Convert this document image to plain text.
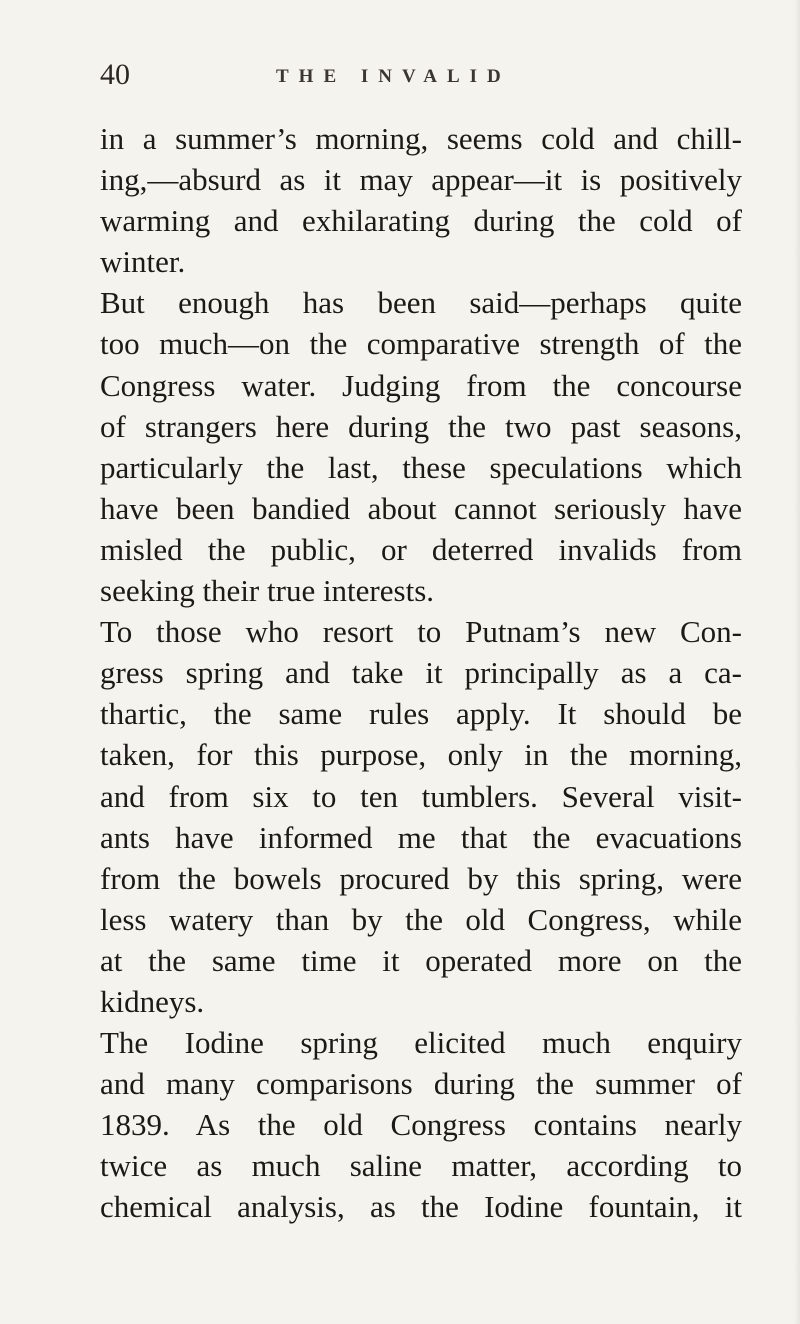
40	THE INVALID
in a summer’s morning, seems cold and chill-
ing,—absurd as it may appear—it is positively
warming and exhilarating during the cold of
winter.
But enough has been said—perhaps quite
too much—on the comparative strength of the
Congress water. Judging from the concourse
of strangers here during the two past seasons,
particularly the last, these speculations which
have been bandied about cannot seriously have
misled the public, or deterred invalids from
seeking their true interests.
To those who resort to Putnam’s new Con-
gress spring and take it principally as a ca-
thartic, the same rules apply. It should be
taken, for this purpose, only in the morning,
and from six to ten tumblers. Several visit-
ants have informed me that the evacuations
from the bowels procured by this spring, were
less watery than by the old Congress, while
at the same time it operated more on the
kidneys.
The Iodine spring elicited much enquiry
and many comparisons during the summer of
1839. As the old Congress contains nearly
twice as much saline matter, according to
chemical analysis, as the Iodine fountain, it
